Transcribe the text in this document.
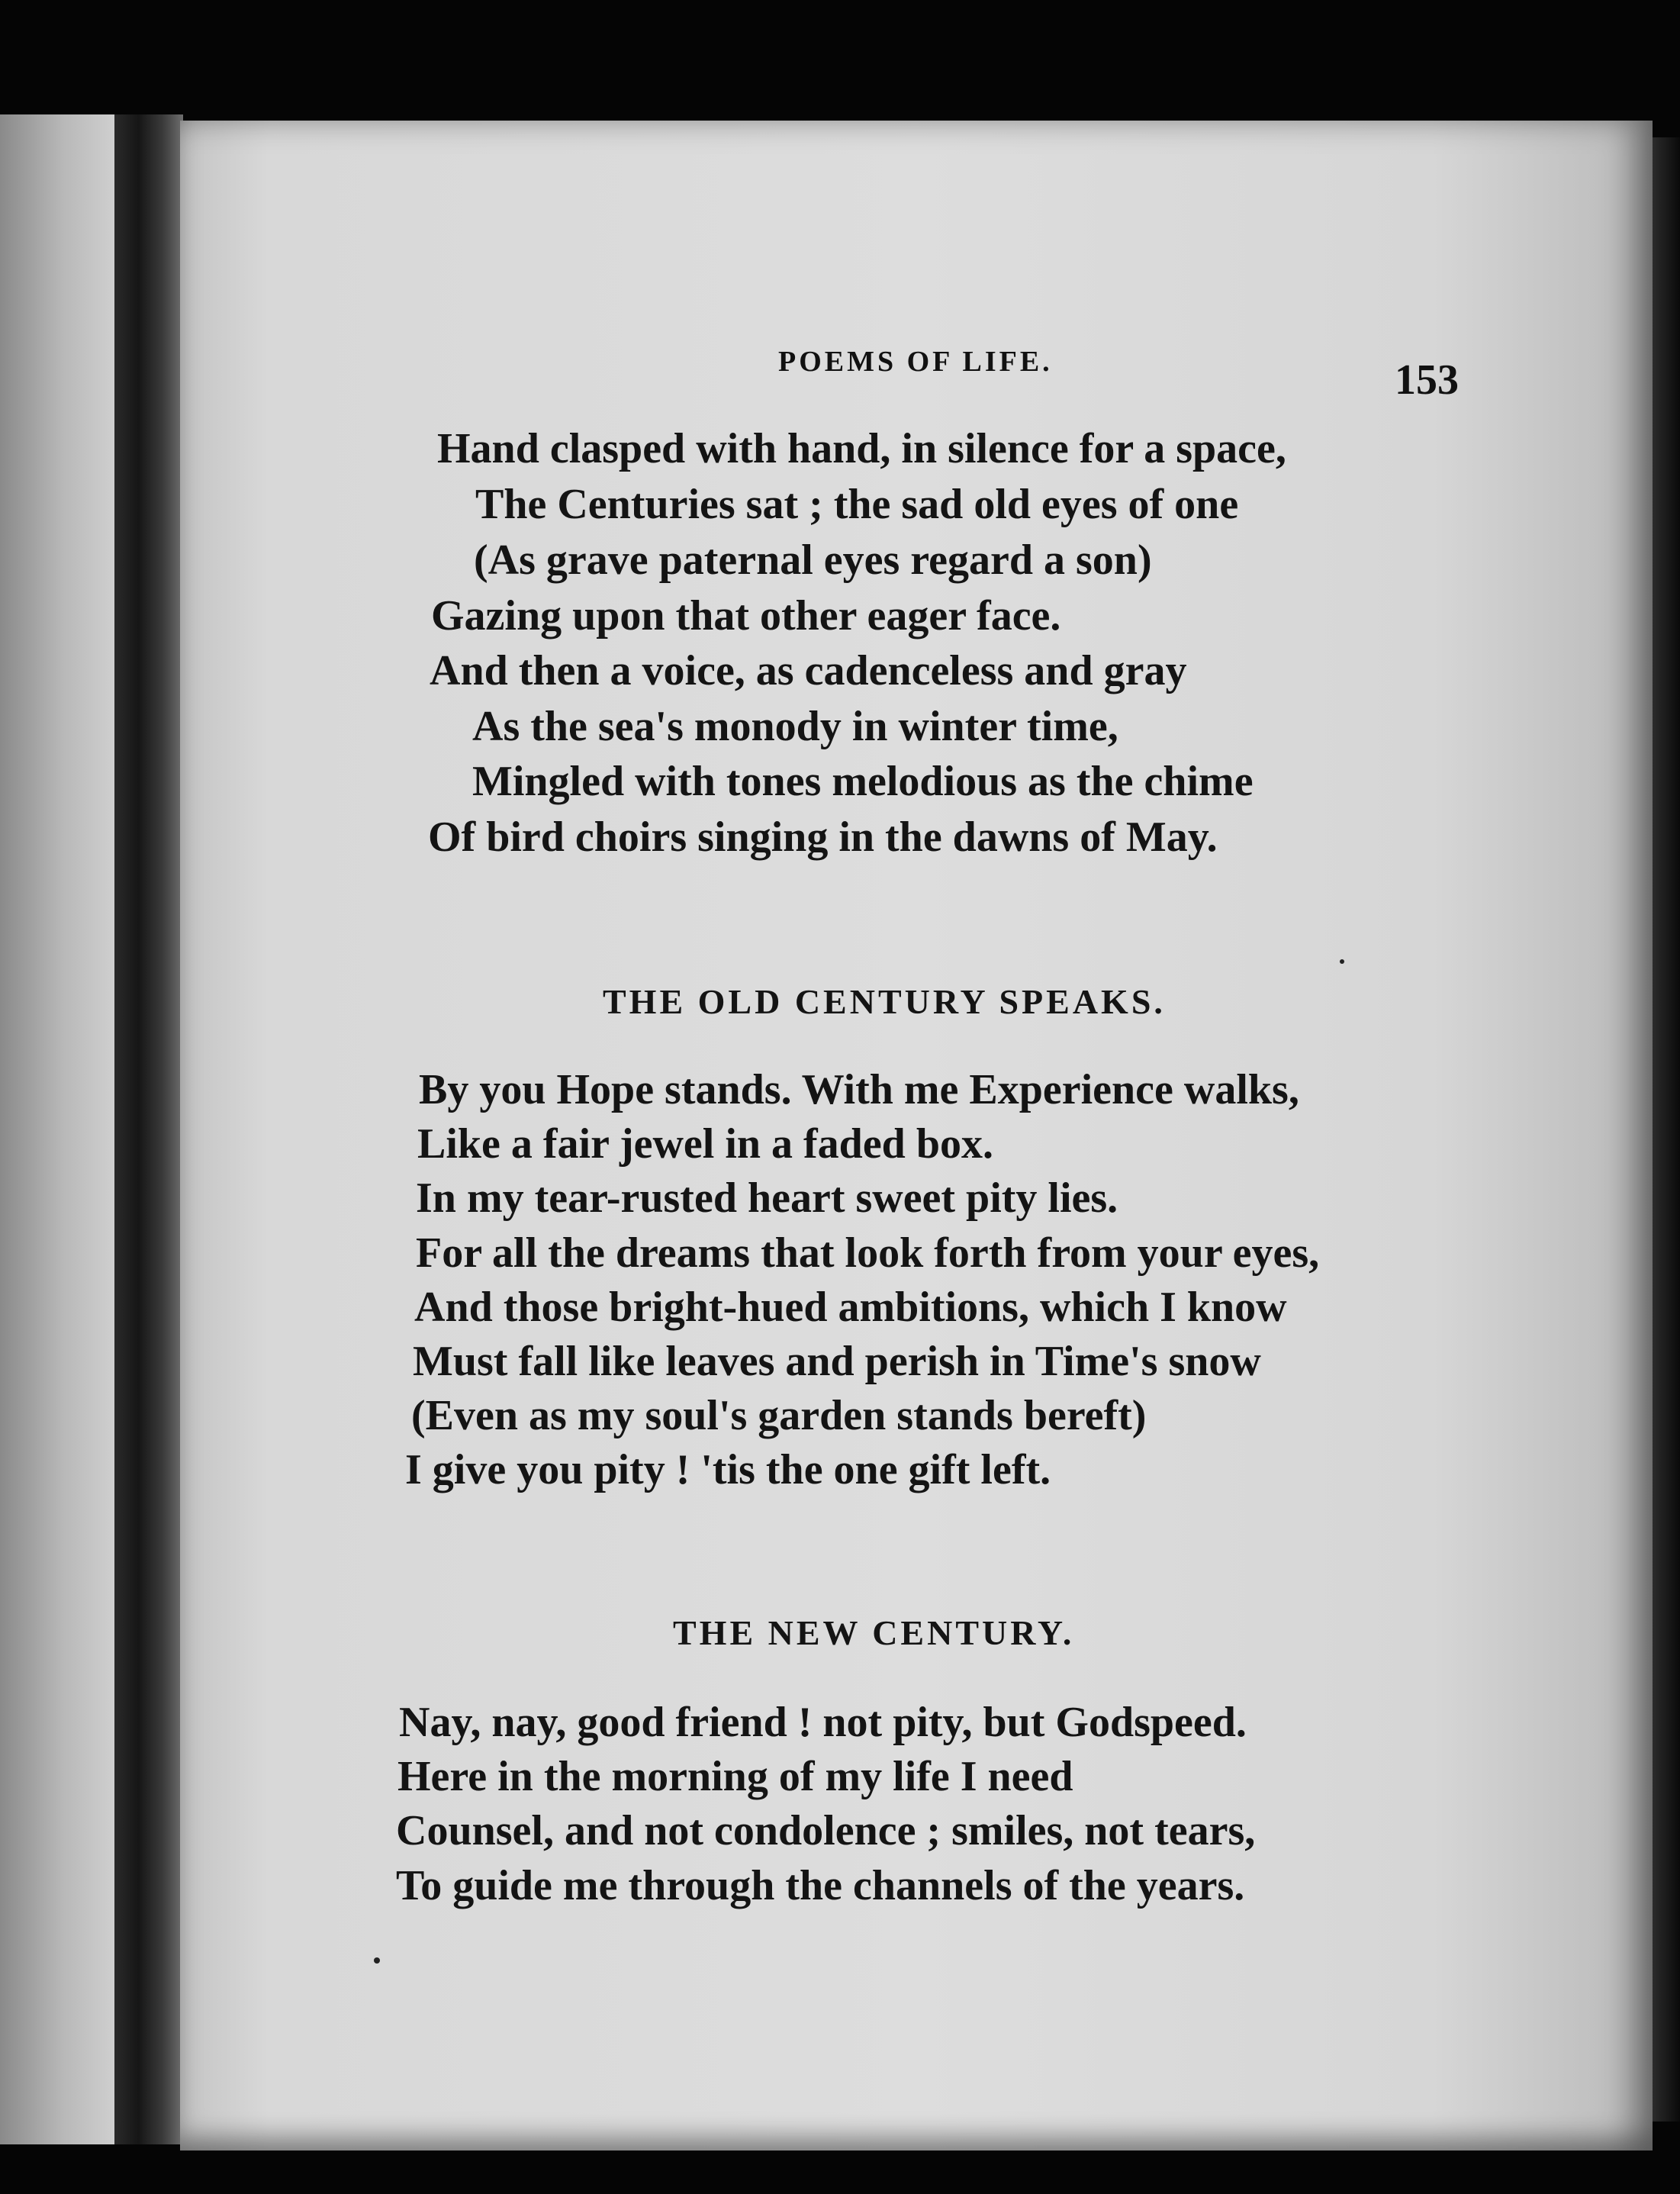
POEMS OF LIFE.	153
Hand clasped with hand, in silence for a space,
The Centuries sat ; the sad old eyes of one
(As grave paternal eyes regard a son)
Gazing upon that other eager face.
And then a voice, as cadenceless and gray
As the sea's monody in winter time,
Mingled with tones melodious as the chime
Of bird choirs singing in the dawns of May.
THE OLD CENTURY SPEAKS.
By you Hope stands. With me Experience walks,
Like a fair jewel in a faded box.
In my tear-rusted heart sweet pity lies.
For all the dreams that look forth from your eyes,
And those bright-hued ambitions, which I know
Must fall like leaves and perish in Time's snow
(Even as my soul's garden stands bereft)
I give you pity ! 'tis the one gift left.
THE NEW CENTURY.
Nay, nay, good friend ! not pity, but Godspeed.
Here in the morning of my life I need
Counsel, and not condolence ; smiles, not tears,
To guide me through the channels of the years.
